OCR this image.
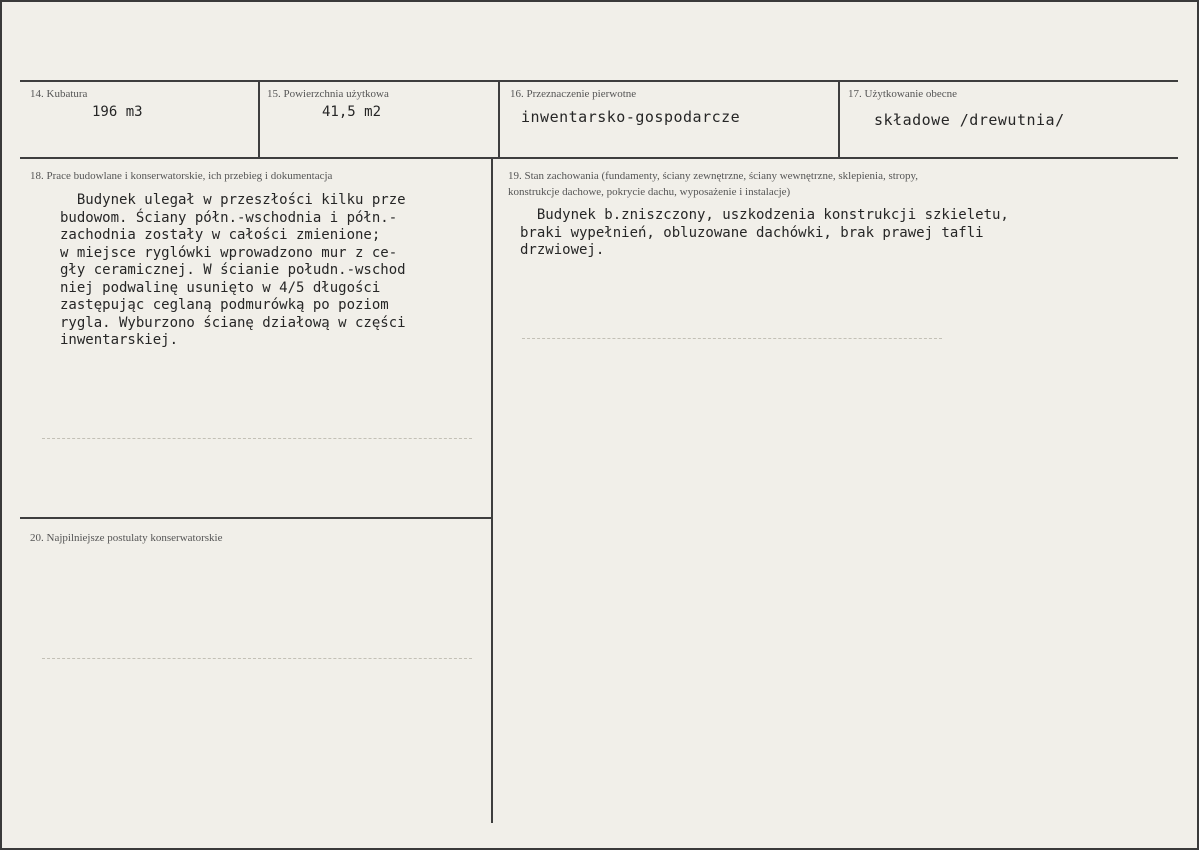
14. Kubatura
196 m3
15. Powierzchnia użytkowa
41,5 m2
16. Przeznaczenie pierwotne
inwentarsko-gospodarcze
17. Użytkowanie obecne
składowe /drewutnia/
18. Prace budowlane i konserwatorskie, ich przebieg i dokumentacja
Budynek ulegał w przeszłości kilku prze
budowom. Ściany półn.-wschodnia i półn.-
zachodnia zostały w całości zmienione;
w miejsce ryglówki wprowadzono mur z ce-
gły ceramicznej. W ścianie połudn.-wschod
niej podwalinę usunięto w 4/5 długości
zastępując ceglaną podmurówką po poziom
rygla. Wyburzono ścianę działową w części
inwentarskiej.
19. Stan zachowania (fundamenty, ściany zewnętrzne, ściany wewnętrzne, sklepienia, stropy,
konstrukcje dachowe, pokrycie dachu, wyposażenie i instalacje)
Budynek b.zniszczony, uszkodzenia konstrukcji szkieletu,
braki wypełnień, obluzowane dachówki, brak prawej tafli
drzwiowej.
20. Najpilniejsze postulaty konserwatorskie
